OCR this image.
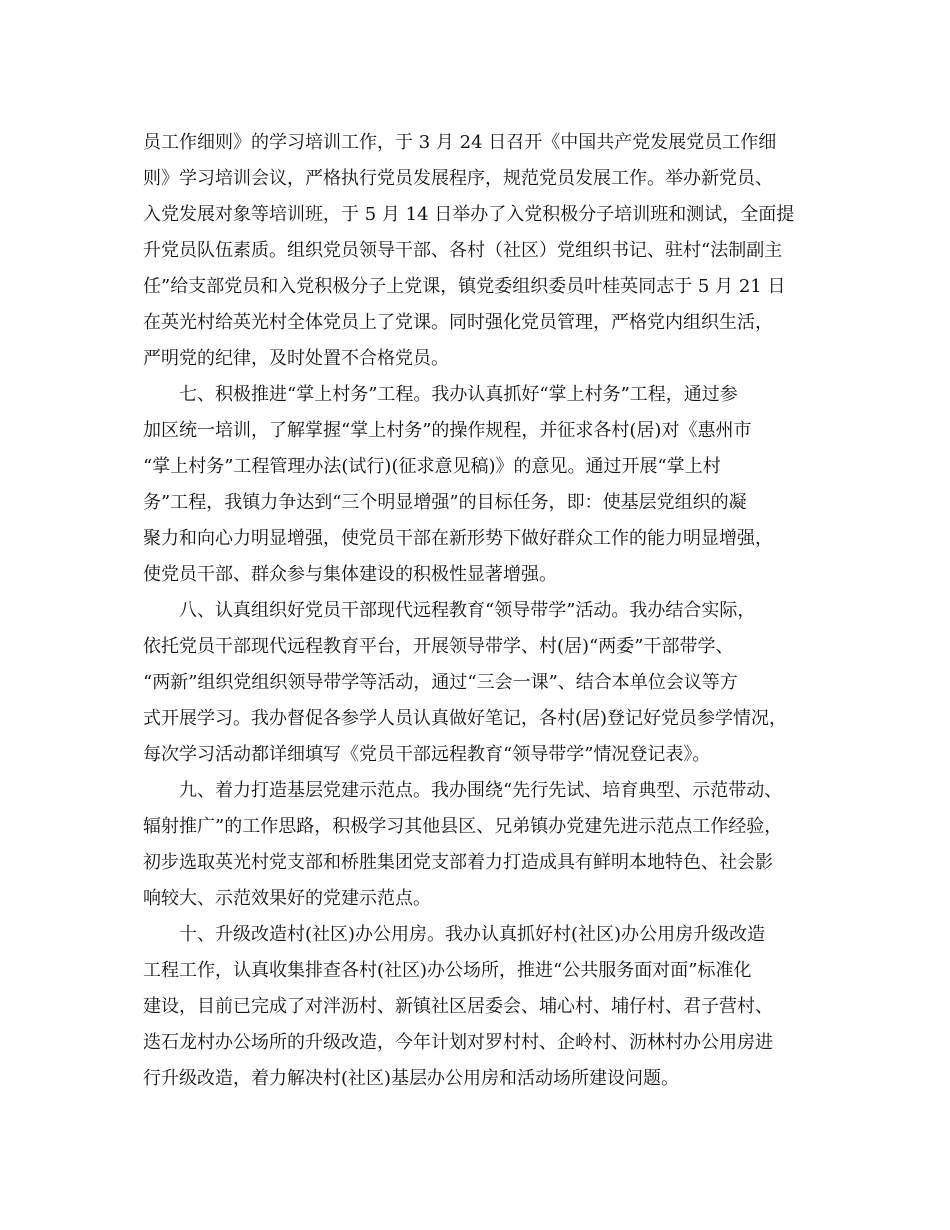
员工作细则》的学习培训工作，于 3 月 24 日召开《中国共产党发展党员工作细
则》学习培训会议，严格执行党员发展程序，规范党员发展工作。举办新党员、
入党发展对象等培训班，于 5 月 14 日举办了入党积极分子培训班和测试，全面提
升党员队伍素质。组织党员领导干部、各村（社区）党组织书记、驻村“法制副主
任”给支部党员和入党积极分子上党课，镇党委组织委员叶桂英同志于 5 月 21 日
在英光村给英光村全体党员上了党课。同时强化党员管理，严格党内组织生活，
严明党的纪律，及时处置不合格党员。
　　七、积极推进“掌上村务”工程。我办认真抓好“掌上村务”工程，通过参
加区统一培训，了解掌握“掌上村务”的操作规程，并征求各村(居)对《惠州市
“掌上村务”工程管理办法(试行)(征求意见稿)》的意见。通过开展“掌上村
务”工程，我镇力争达到“三个明显增强”的目标任务，即：使基层党组织的凝
聚力和向心力明显增强，使党员干部在新形势下做好群众工作的能力明显增强，
使党员干部、群众参与集体建设的积极性显著增强。
　　八、认真组织好党员干部现代远程教育“领导带学”活动。我办结合实际，
依托党员干部现代远程教育平台，开展领导带学、村(居)“两委”干部带学、
“两新”组织党组织领导带学等活动，通过“三会一课”、结合本单位会议等方
式开展学习。我办督促各参学人员认真做好笔记，各村(居)登记好党员参学情况，
每次学习活动都详细填写《党员干部远程教育“领导带学”情况登记表》。
　　九、着力打造基层党建示范点。我办围绕“先行先试、培育典型、示范带动、
辐射推广”的工作思路，积极学习其他县区、兄弟镇办党建先进示范点工作经验，
初步选取英光村党支部和桥胜集团党支部着力打造成具有鲜明本地特色、社会影
响较大、示范效果好的党建示范点。
　　十、升级改造村(社区)办公用房。我办认真抓好村(社区)办公用房升级改造
工程工作，认真收集排查各村(社区)办公场所，推进“公共服务面对面”标准化
建设，目前已完成了对泮沥村、新镇社区居委会、埔心村、埔仔村、君子营村、
迭石龙村办公场所的升级改造，今年计划对罗村村、企岭村、沥林村办公用房进
行升级改造，着力解决村(社区)基层办公用房和活动场所建设问题。
